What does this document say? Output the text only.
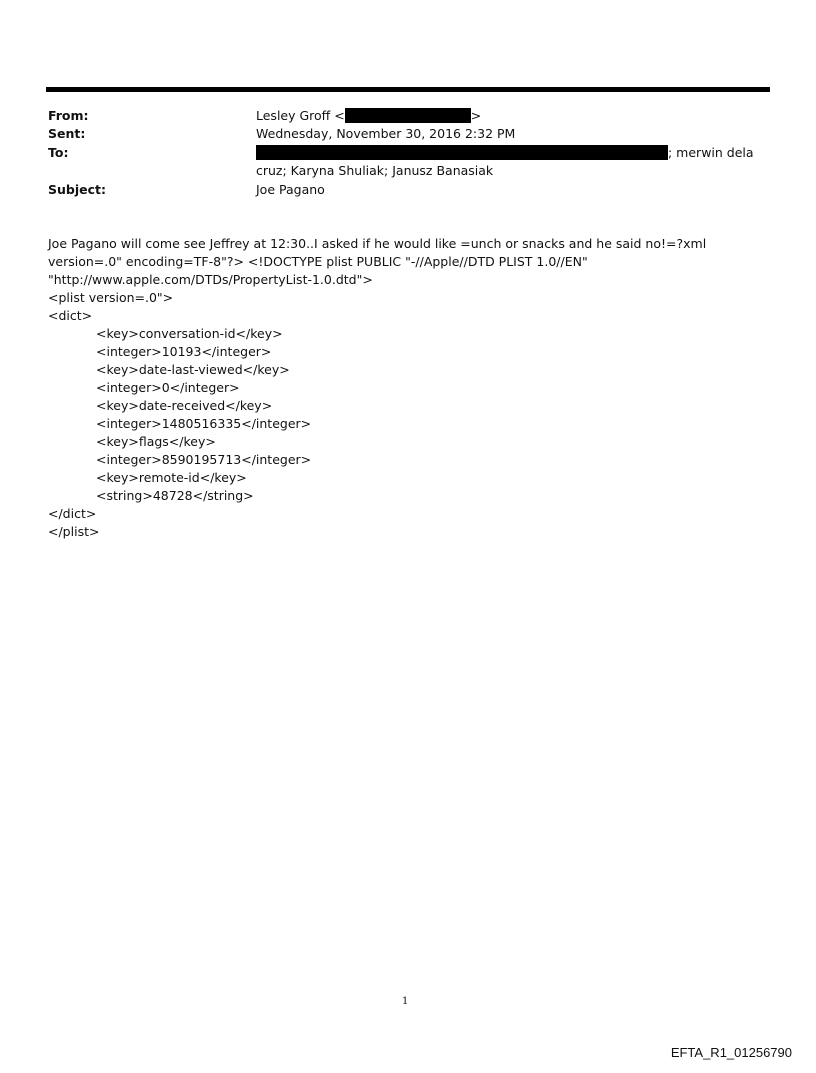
From:	Lesley Groff <	>
Sent:	Wednesday, November 30, 2016 2:32 PM
To:	; merwin dela
cruz; Karyna Shuliak; Janusz Banasiak
Subject:	Joe Pagano

Joe Pagano will come see Jeffrey at 12:30..I asked if he would like =unch or snacks and he said no!=?xml version=.0" encoding=TF-8"?> <!DOCTYPE plist PUBLIC "-//Apple//DTD PLIST 1.0//EN" "http://www.apple.com/DTDs/PropertyList-1.0.dtd">

<plist version=.0">

<dict>

<key>conversation-id</key>

<integer>10193</integer>

<key>date-last-viewed</key>

<integer>0</integer>

<key>date-received</key>

<integer>1480516335</integer>

<key>flags</key>

<integer>8590195713</integer>

<key>remote-id</key>

<string>48728</string>

</dict>

</plist>

1
EFTA_R1_01256790
